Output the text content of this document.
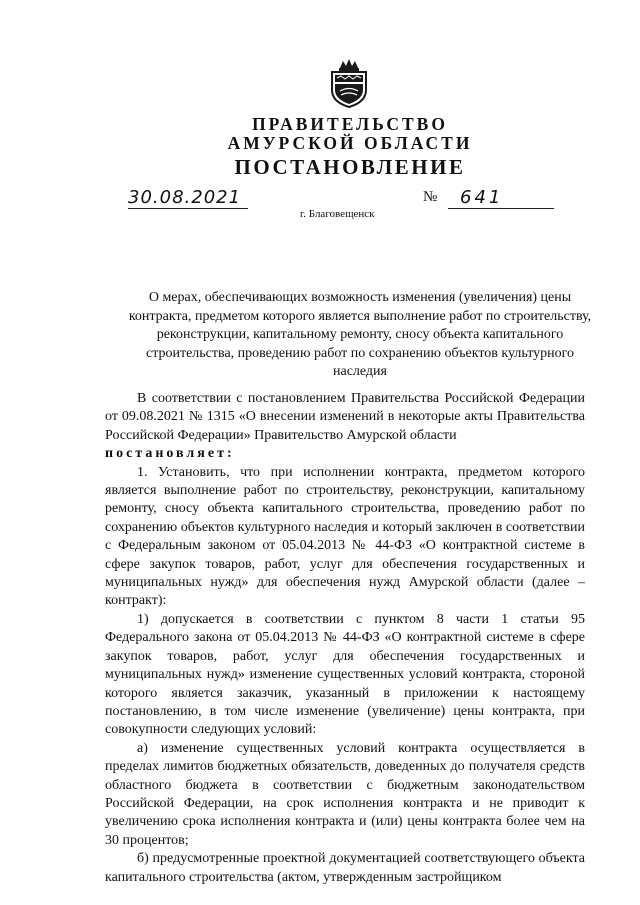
ПРАВИТЕЛЬСТВО
АМУРСКОЙ ОБЛАСТИ
ПОСТАНОВЛЕНИЕ
30.08.2021	№	641
г. Благовещенск
О мерах, обеспечивающих возможность изменения (увеличения) цены контракта, предметом которого является выполнение работ по строительству, реконструкции, капитальному ремонту, сносу объекта капитального строительства, проведению работ по сохранению объектов культурного наследия

В соответствии с постановлением Правительства Российской Федерации от 09.08.2021 № 1315 «О внесении изменений в некоторые акты Правительства Российской Федерации» Правительство Амурской области

постановляет:

1. Установить, что при исполнении контракта, предметом которого является выполнение работ по строительству, реконструкции, капитальному ремонту, сносу объекта капитального строительства, проведению работ по сохранению объектов культурного наследия и который заключен в соответствии с Федеральным законом от 05.04.2013 № 44-ФЗ «О контрактной системе в сфере закупок товаров, работ, услуг для обеспечения государственных и муниципальных нужд» для обеспечения нужд Амурской области (далее – контракт):

1) допускается в соответствии с пунктом 8 части 1 статьи 95 Федерального закона от 05.04.2013 № 44-ФЗ «О контрактной системе в сфере закупок товаров, работ, услуг для обеспечения государственных и муниципальных нужд» изменение существенных условий контракта, стороной которого является заказчик, указанный в приложении к настоящему постановлению, в том числе изменение (увеличение) цены контракта, при совокупности следующих условий:

а) изменение существенных условий контракта осуществляется в пределах лимитов бюджетных обязательств, доведенных до получателя средств областного бюджета в соответствии с бюджетным законодательством Российской Федерации, на срок исполнения контракта и не приводит к увеличению срока исполнения контракта и (или) цены контракта более чем на 30 процентов;

б) предусмотренные проектной документацией соответствующего объекта капитального строительства (актом, утвержденным застройщиком
